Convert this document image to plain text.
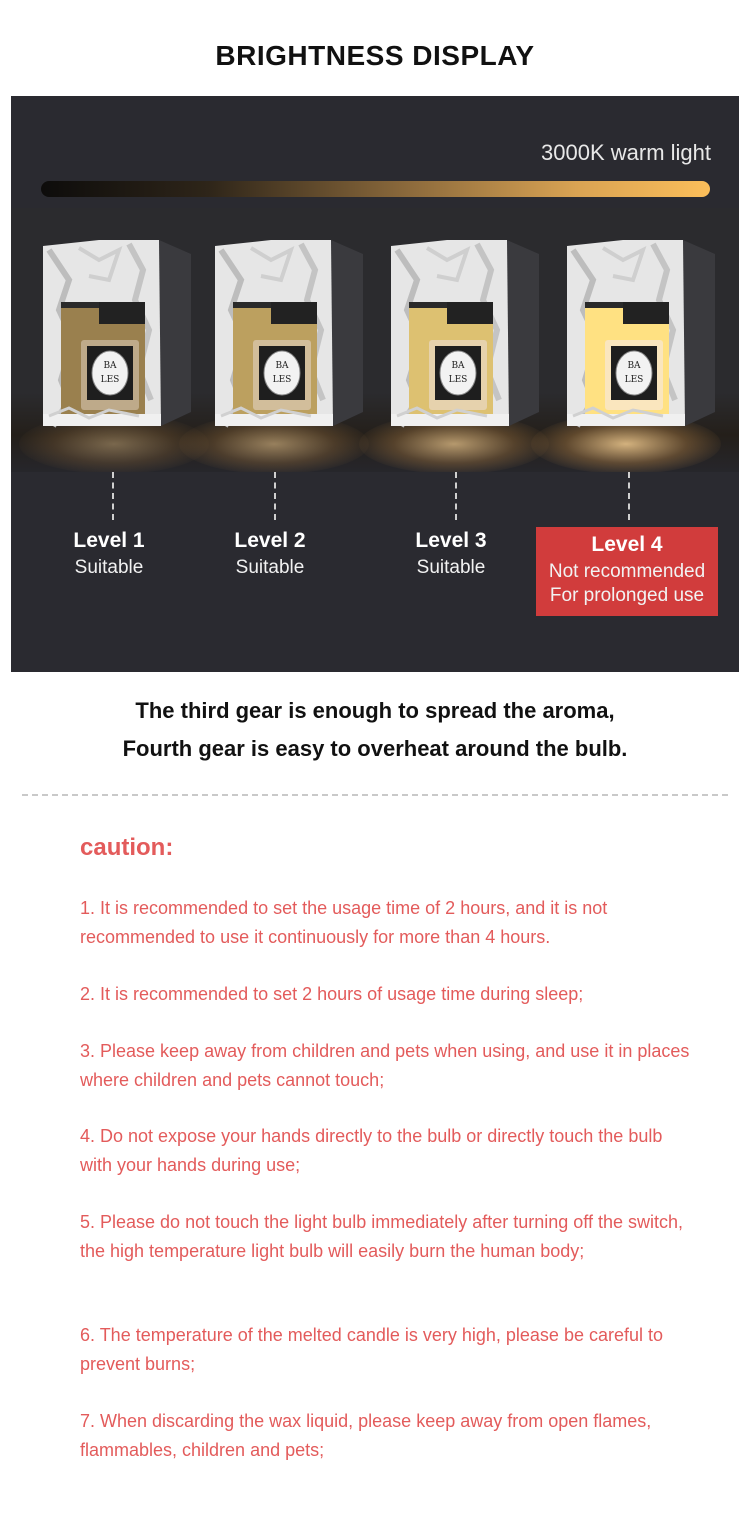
BRIGHTNESS DISPLAY
3000K warm light
BA
LES
BA
LES
BA
LES
BA
LES
Level 1
Suitable
Level 2
Suitable
Level 3
Suitable
Level 4
Not recommended
For prolonged use
The third gear is enough to spread the aroma,
Fourth gear is easy to overheat around the bulb.
caution:
1. It is recommended to set the usage time of 2 hours, and it is not recommended to use it continuously for more than 4 hours.
2. It is recommended to set 2 hours of usage time during sleep;
3. Please keep away from children and pets when using, and use it in places where children and pets cannot touch;
4. Do not expose your hands directly to the bulb or directly touch the bulb with your hands during use;
5. Please do not touch the light bulb immediately after turning off the switch, the high temperature light bulb will easily burn the human body;
6. The temperature of the melted candle is very high, please be careful to prevent burns;
7. When discarding the wax liquid, please keep away from open flames, flammables, children and pets;
